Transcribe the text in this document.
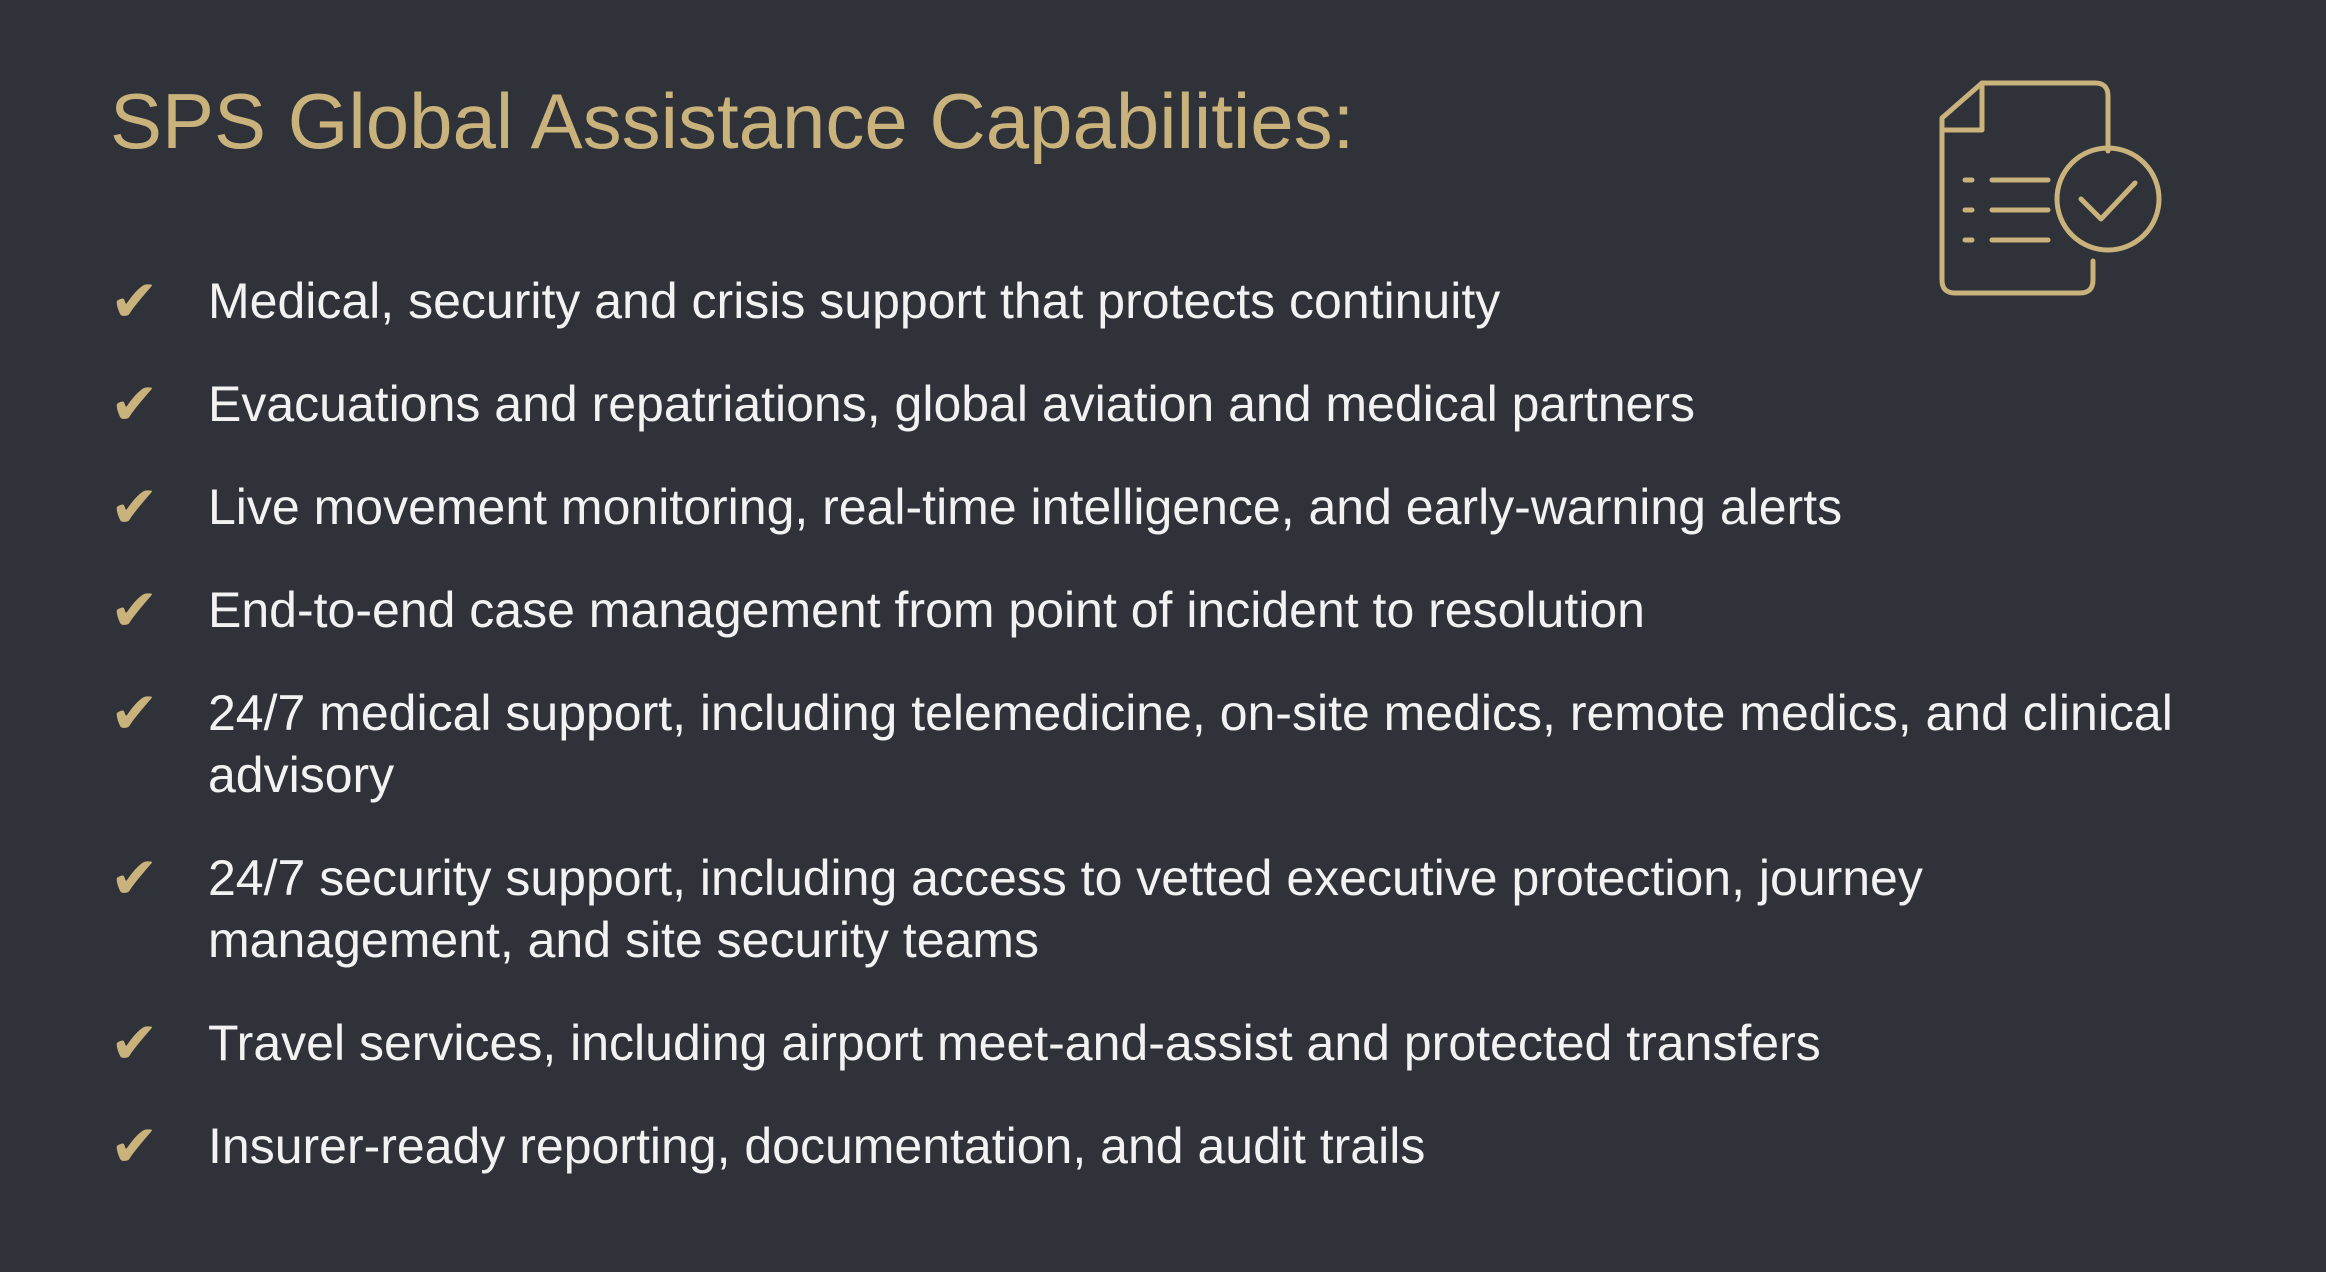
SPS Global Assistance Capabilities:
✔ Medical, security and crisis support that protects continuity
✔ Evacuations and repatriations, global aviation and medical partners
✔ Live movement monitoring, real-time intelligence, and early-warning alerts
✔ End-to-end case management from point of incident to resolution
✔ 24/7 medical support, including telemedicine, on-site medics, remote medics, and clinical advisory
✔ 24/7 security support, including access to vetted executive protection, journey management, and site security teams
✔ Travel services, including airport meet-and-assist and protected transfers
✔ Insurer-ready reporting, documentation, and audit trails
